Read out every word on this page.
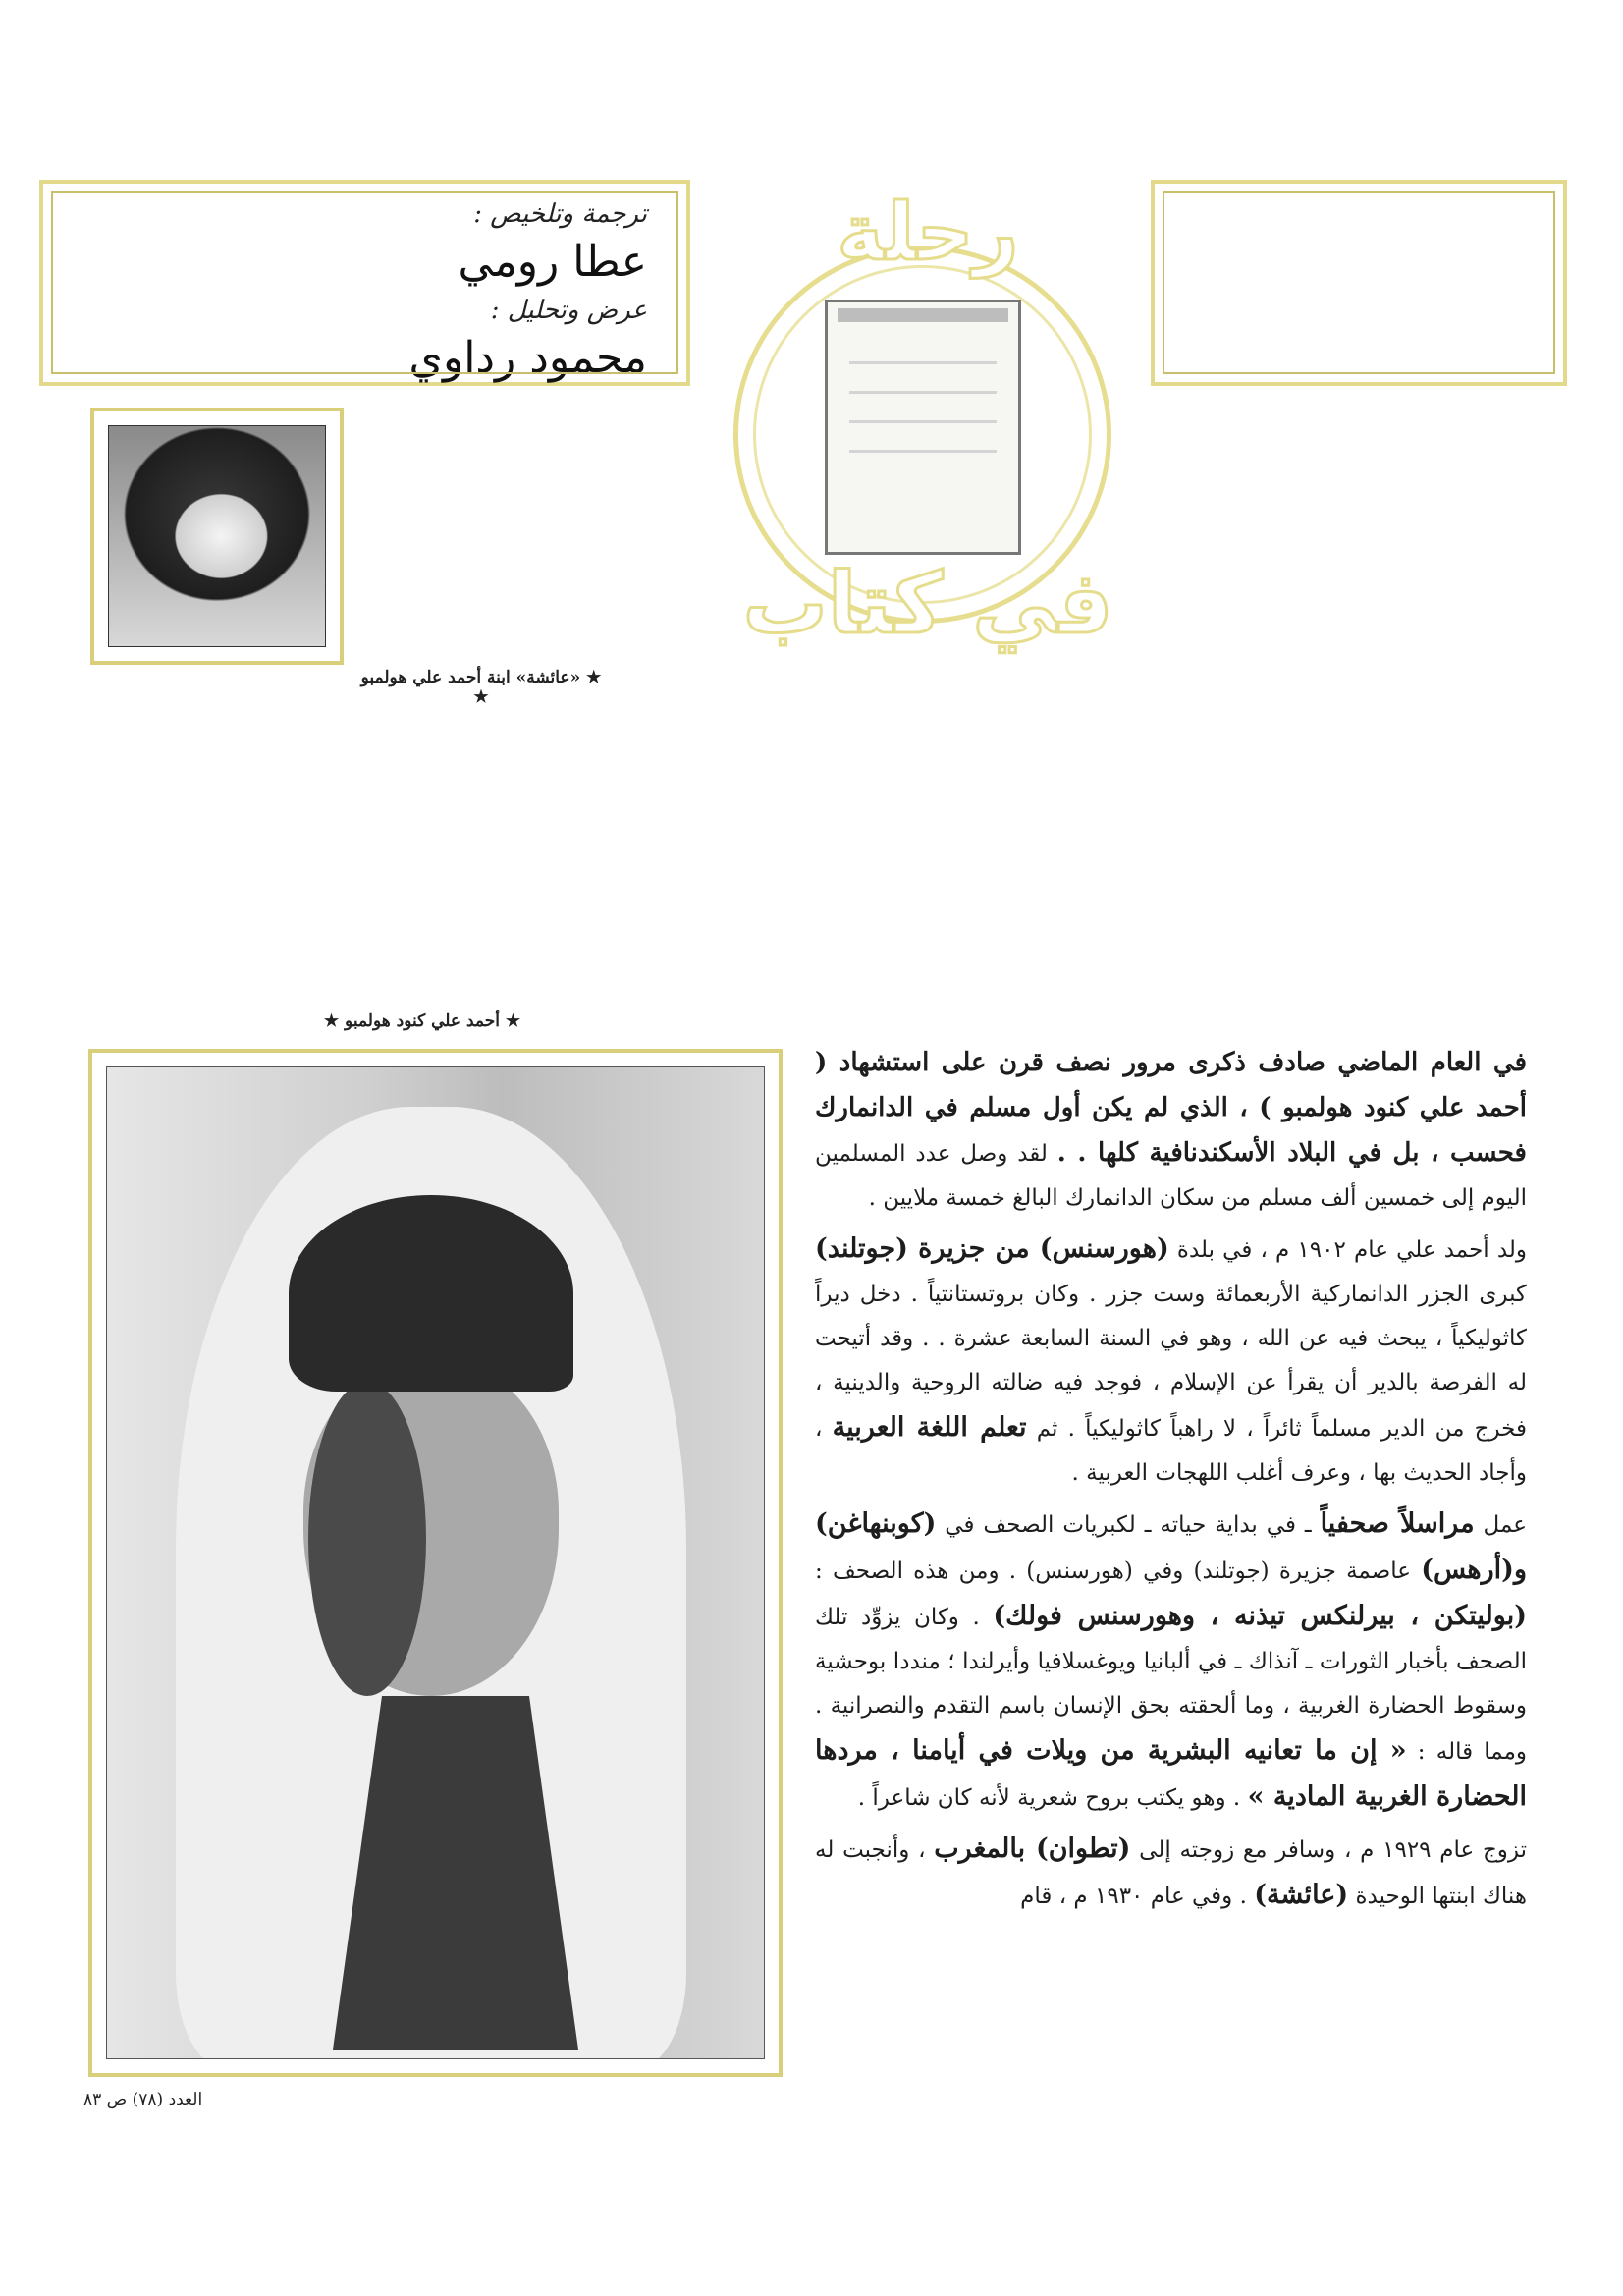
ترجمة وتلخيص :
عطا رومي
عرض وتحليل :
محمود رداوي
رحلة
في كتاب
★ «عائشة» ابنة أحمد علي هولمبو ★
★ أحمد علي كنود هولمبو ★

في العام الماضي صادف ذكرى مرور نصف قرن على استشهاد ( أحمد علي كنود هولمبو ) ، الذي لم يكن أول مسلم في الدانمارك فحسب ، بل في البلاد الأسكندنافية كلها . . لقد وصل عدد المسلمين اليوم إلى خمسين ألف مسلم من سكان الدانمارك البالغ خمسة ملايين .

ولد أحمد علي عام ١٩٠٢ م ، في بلدة (هورسنس) من جزيرة (جوتلند) كبرى الجزر الدانماركية الأربعمائة وست جزر . وكان بروتستانتياً . دخل ديراً كاثوليكياً ، يبحث فيه عن الله ، وهو في السنة السابعة عشرة . . وقد أتيحت له الفرصة بالدير أن يقرأ عن الإسلام ، فوجد فيه ضالته الروحية والدينية ، فخرج من الدير مسلماً ثائراً ، لا راهباً كاثوليكياً . ثم تعلم اللغة العربية ، وأجاد الحديث بها ، وعرف أغلب اللهجات العربية .

عمل مراسلاً صحفياً ـ في بداية حياته ـ لكبريات الصحف في (كوبنهاغن) و(أرهس) عاصمة جزيرة (جوتلند) وفي (هورسنس) . ومن هذه الصحف : (بوليتكن ، بيرلنكس تيذنه ، وهورسنس فولك) . وكان يزوِّد تلك الصحف بأخبار الثورات ـ آنذاك ـ في ألبانيا ويوغسلافيا وأيرلندا ؛ منددا بوحشية وسقوط الحضارة الغربية ، وما ألحقته بحق الإنسان باسم التقدم والنصرانية . ومما قاله : « إن ما تعانيه البشرية من ويلات في أيامنا ، مردها الحضارة الغربية المادية » . وهو يكتب بروح شعرية لأنه كان شاعراً .

تزوج عام ١٩٢٩ م ، وسافر مع زوجته إلى (تطوان) بالمغرب ، وأنجبت له هناك ابنتها الوحيدة (عائشة) . وفي عام ١٩٣٠ م ، قام

العدد (٧٨) ص ٨٣
